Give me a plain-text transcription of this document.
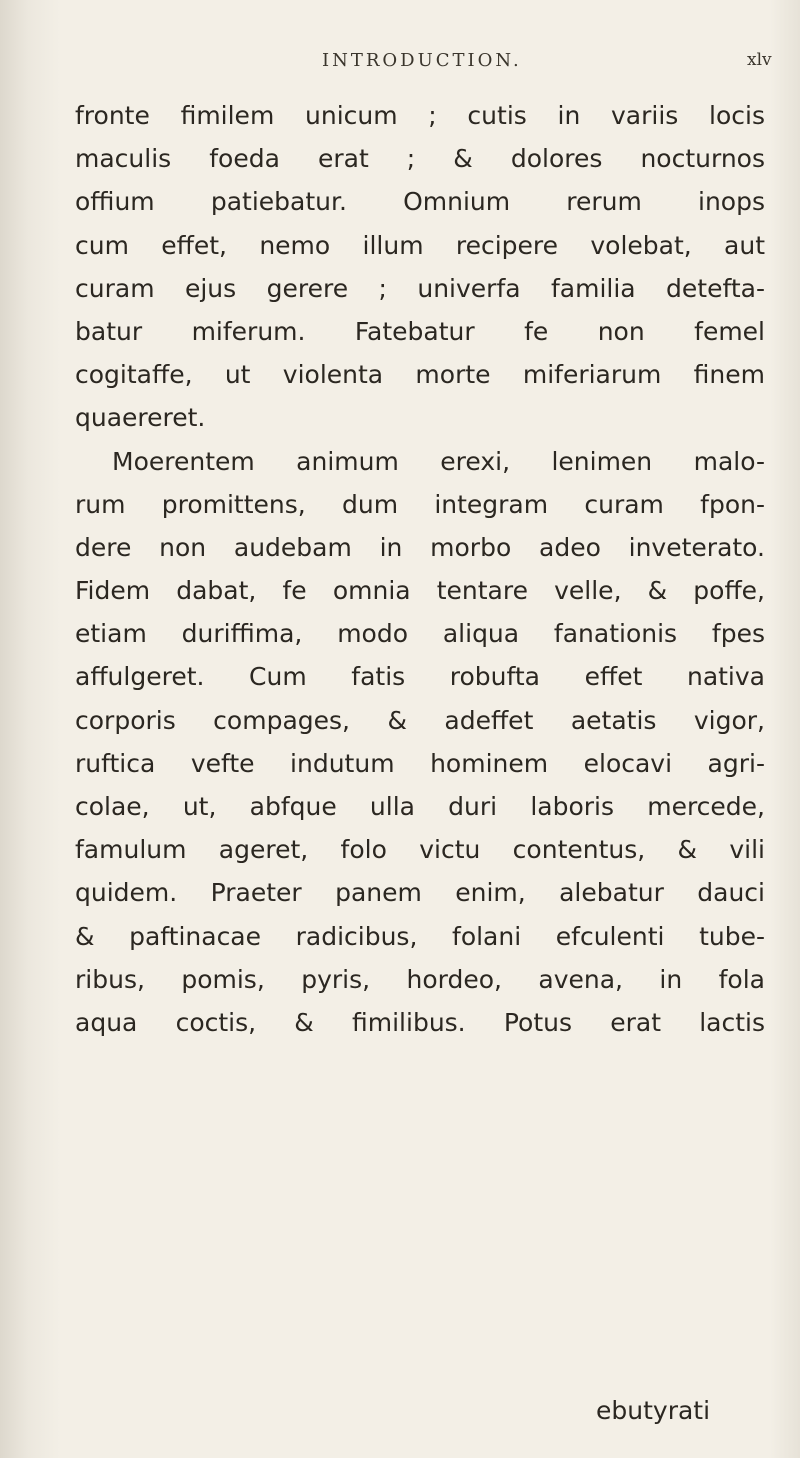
INTRODUCTION.	xlv
fronte fimilem unicum ; cutis in variis locis
maculis foeda erat ; & dolores nocturnos
offium patiebatur. Omnium rerum inops
cum effet, nemo illum recipere volebat, aut
curam ejus gerere ; univerfa familia detefta-
batur miferum. Fatebatur fe non femel
cogitaffe, ut violenta morte miferiarum finem
quaereret.
Moerentem animum erexi, lenimen malo-
rum promittens, dum integram curam fpon-
dere non audebam in morbo adeo inveterato.
Fidem dabat, fe omnia tentare velle, & poffe,
etiam duriffima, modo aliqua fanationis fpes
affulgeret. Cum fatis robufta effet nativa
corporis compages, & adeffet aetatis vigor,
ruftica vefte indutum hominem elocavi agri-
colae, ut, abfque ulla duri laboris mercede,
famulum ageret, folo victu contentus, & vili
quidem. Praeter panem enim, alebatur dauci
& paftinacae radicibus, folani efculenti tube-
ribus, pomis, pyris, hordeo, avena, in fola
aqua coctis, & fimilibus. Potus erat lactis
ebutyrati
